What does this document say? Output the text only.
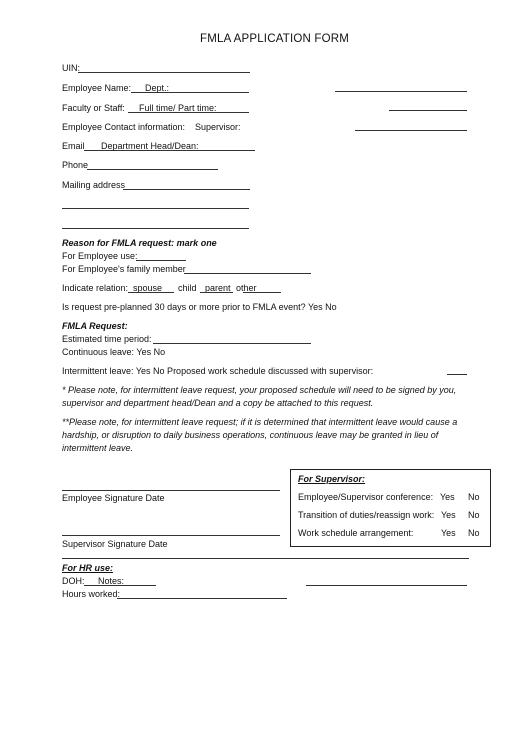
FMLA APPLICATION FORM
UIN:
Employee Name: Dept.:
Faculty or Staff: Full time/ Part time:
Employee Contact information: Supervisor:
Email Department Head/Dean:
Phone
Mailing address
Reason for FMLA request: mark one
For Employee use:
For Employee's family member
Indicate relation: spouse child parent other
Is request pre-planned 30 days or more prior to FMLA event? Yes No
FMLA Request:
Estimated time period:
Continuous leave: Yes No
Intermittent leave: Yes No Proposed work schedule discussed with supervisor:
* Please note, for intermittent leave request, your proposed schedule will need to be signed by you, supervisor and department head/Dean and a copy be attached to this request.
**Please note, for intermittent leave request; if it is determined that intermittent leave would cause a hardship, or disruption to daily business operations, continuous leave may be granted in lieu of intermittent leave.
Employee Signature Date
Supervisor Signature Date
For Supervisor:
Employee/Supervisor conference: Yes No
Transition of duties/reassign work: Yes No
Work schedule arrangement:	Yes No
For HR use:
DOH: Notes:
Hours worked:
